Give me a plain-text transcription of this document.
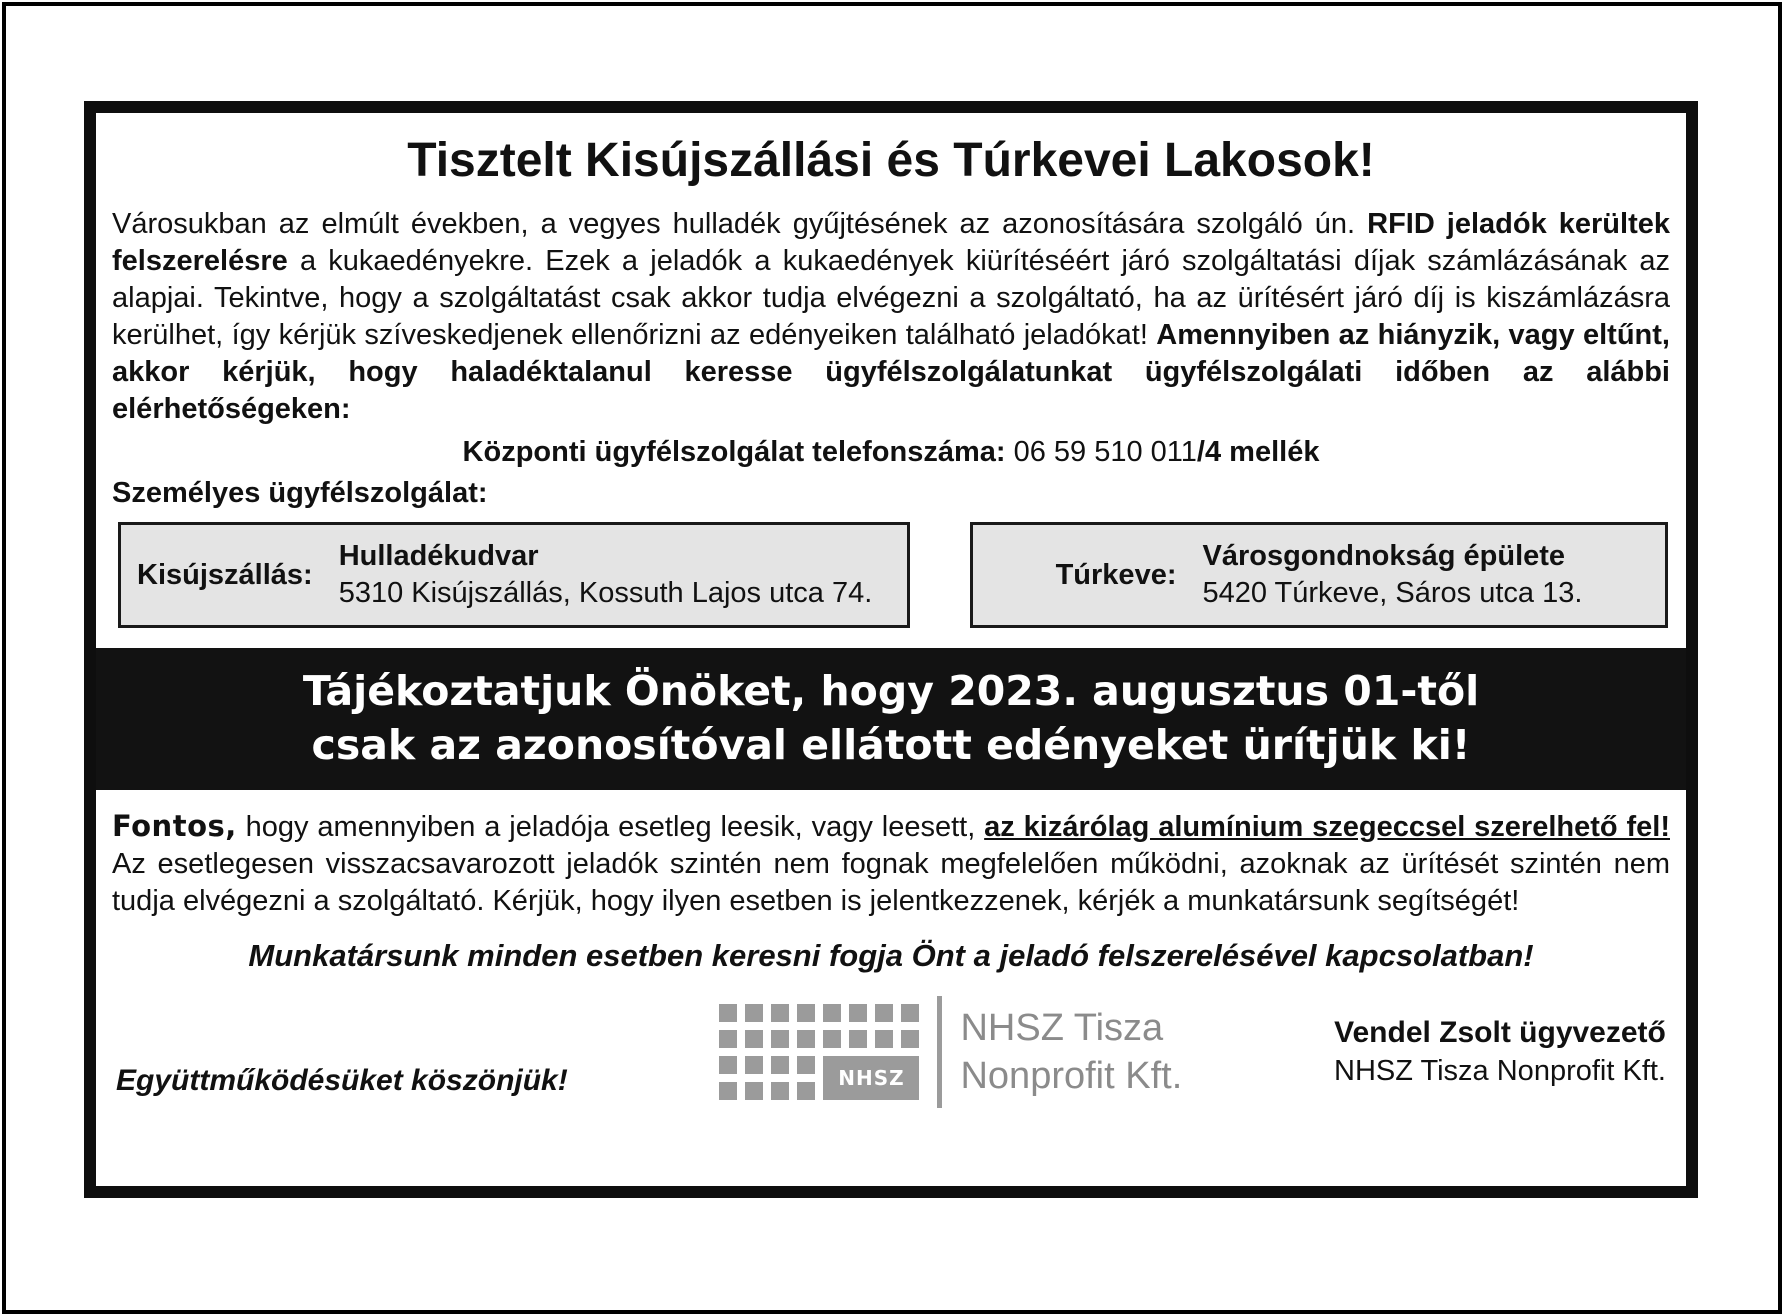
Tisztelt Kisújszállási és Túrkevei Lakosok!

Városukban az elmúlt években, a vegyes hulladék gyűjtésének az azonosítására szolgáló ún. RFID jeladók kerültek felszerelésre a kukaedényekre. Ezek a jeladók a kukaedények kiürítéséért járó szolgáltatási díjak számlázásának az alapjai. Tekintve, hogy a szolgáltatást csak akkor tudja elvégezni a szolgáltató, ha az ürítésért járó díj is kiszámlázásra kerülhet, így kérjük szíveskedjenek ellenőrizni az edényeiken található jeladókat! Amennyiben az hiányzik, vagy eltűnt, akkor kérjük, hogy haladéktalanul keresse ügyfélszolgálatunkat ügyfélszolgálati időben az alábbi elérhetőségeken:

Központi ügyfélszolgálat telefonszáma: 06 59 510 011/4 mellék

Személyes ügyfélszolgálat:

Kisújszállás:
Hulladékudvar
5310 Kisújszállás, Kossuth Lajos utca 74.
Túrkeve:
Városgondnokság épülete
5420 Túrkeve, Sáros utca 13.
Tájékoztatjuk Önöket, hogy 2023. augusztus 01-től
csak az azonosítóval ellátott edényeket ürítjük ki!

Fontos, hogy amennyiben a jeladója esetleg leesik, vagy leesett, az kizárólag alumínium szegeccsel szerelhető fel! Az esetlegesen visszacsavarozott jeladók szintén nem fognak megfelelően működni, azoknak az ürítését szintén nem tudja elvégezni a szolgáltató. Kérjük, hogy ilyen esetben is jelentkezzenek, kérjék a munkatársunk segítségét!

Munkatársunk minden esetben keresni fogja Önt a jeladó felszerelésével kapcsolatban!

Együttműködésüket köszönjük!	NHSZ
NHSZ Tisza
Nonprofit Kft.
Vendel Zsolt ügyvezető
NHSZ Tisza Nonprofit Kft.
